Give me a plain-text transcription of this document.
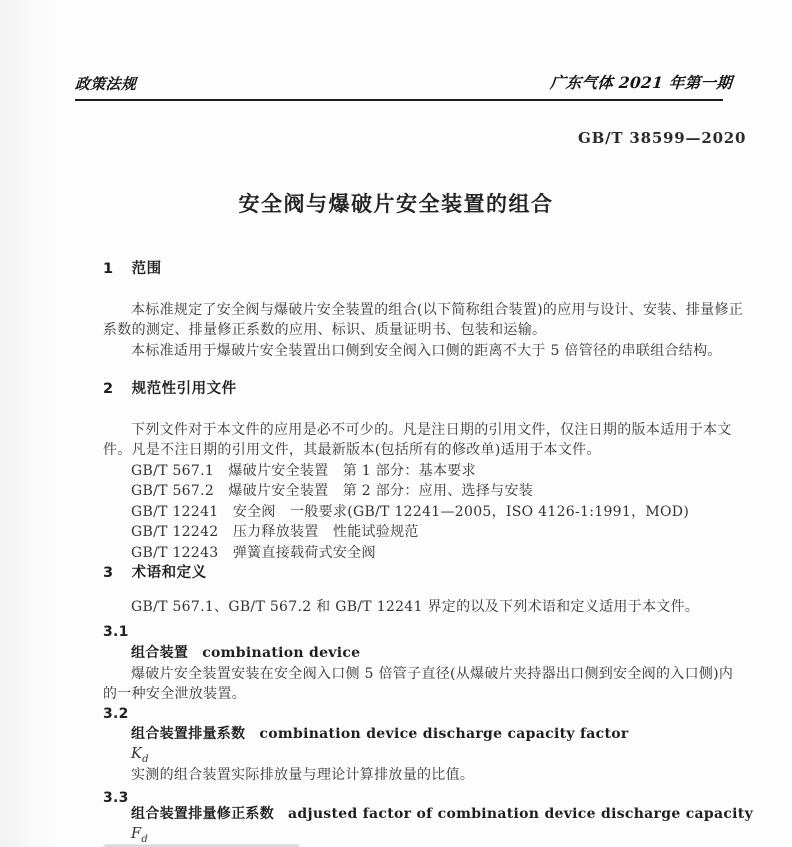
政策法规	广东气体 2021 年第一期
GB/T 38599—2020
安全阀与爆破片安全装置的组合
1 范围
本标准规定了安全阀与爆破片安全装置的组合(以下简称组合装置)的应用与设计、安装、排量修正
系数的测定、排量修正系数的应用、标识、质量证明书、包装和运输。
本标准适用于爆破片安全装置出口侧到安全阀入口侧的距离不大于 5 倍管径的串联组合结构。
2 规范性引用文件
下列文件对于本文件的应用是必不可少的。凡是注日期的引用文件，仅注日期的版本适用于本文
件。凡是不注日期的引用文件，其最新版本(包括所有的修改单)适用于本文件。
GB/T 567.1　爆破片安全装置　第 1 部分：基本要求
GB/T 567.2　爆破片安全装置　第 2 部分：应用、选择与安装
GB/T 12241　安全阀　一般要求(GB/T 12241—2005，ISO 4126-1:1991，MOD)
GB/T 12242　压力释放装置　性能试验规范
GB/T 12243　弹簧直接载荷式安全阀
3 术语和定义
GB/T 567.1、GB/T 567.2 和 GB/T 12241 界定的以及下列术语和定义适用于本文件。
3.1
组合装置 combination device
爆破片安全装置安装在安全阀入口侧 5 倍管子直径(从爆破片夹持器出口侧到安全阀的入口侧)内
的一种安全泄放装置。
3.2
组合装置排量系数 combination device discharge capacity factor
$K_d$
实测的组合装置实际排放量与理论计算排放量的比值。
3.3
组合装置排量修正系数 adjusted factor of combination device discharge capacity
$F_d$
